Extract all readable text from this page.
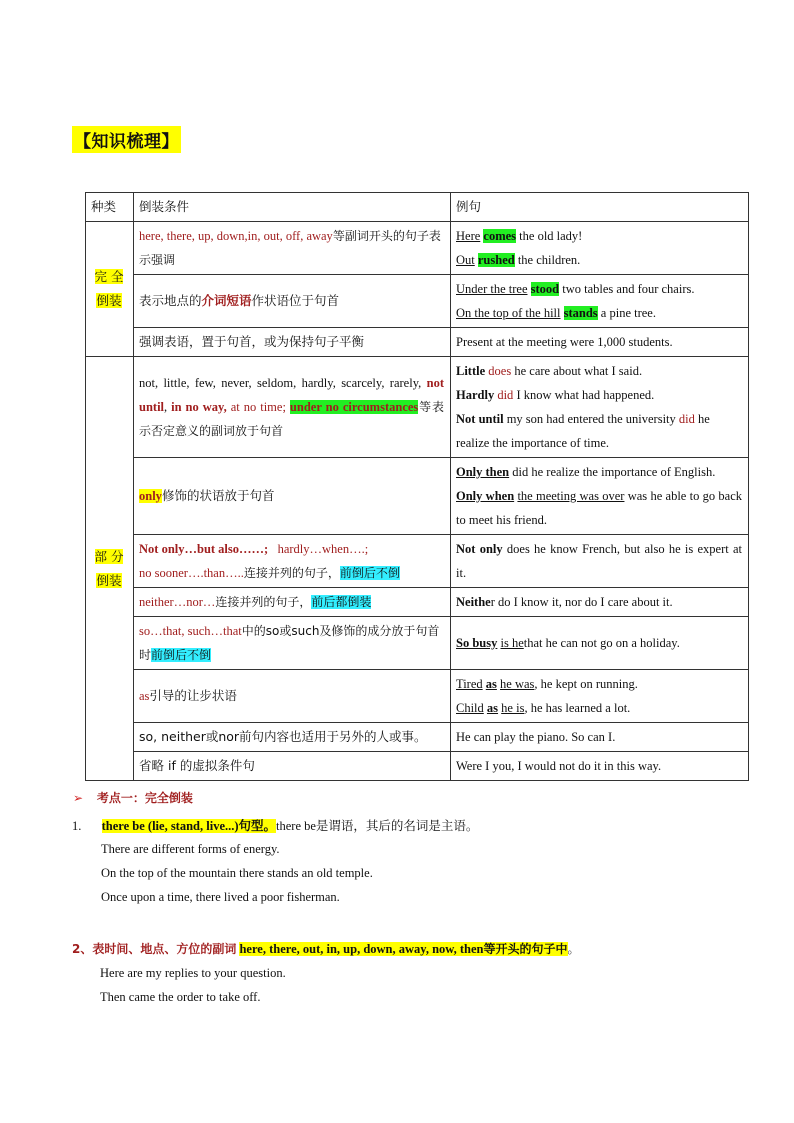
【知识梳理】
种类	倒装条件	例句
完 全
倒装	here, there, up, down,in, out, off, away等副词开头的句子表示强调	Here comes the old lady!
Out rushed the children.
	表示地点的介词短语作状语位于句首	Under the tree stood two tables and four chairs.
On the top of the hill stands a pine tree.
	强调表语，置于句首，或为保持句子平衡	Present at the meeting were 1,000 students.
部 分
倒装	not, little, few, never, seldom, hardly, scarcely, rarely, not until, in no way, at no time; under no circumstances等表示否定意义的副词放于句首	Little does he care about what I said.
Hardly did I know what had happened.
Not until my son had entered the university did he realize the importance of time.
	only修饰的状语放于句首	Only then did he realize the importance of English.
Only when the meeting was over was he able to go back to meet his friend.
	Not only…but also……; hardly…when….;
no sooner….than…..连接并列的句子，前倒后不倒	Not only does he know French, but also he is expert at it.
	neither…nor…连接并列的句子，前后都倒装	Neither do I know it, nor do I care about it.
	so…that, such…that中的so或such及修饰的成分放于句首时前倒后不倒	So busy is hethat he can not go on a holiday.
	as引导的让步状语	Tired as he was, he kept on running.
Child as he is, he has learned a lot.
	so, neither或nor前句内容也适用于另外的人或事。	He can play the piano. So can I.
	省略 if 的虚拟条件句	Were I you, I would not do it in this way.
➢ 考点一：完全倒装
1. there be (lie, stand, live...)句型。there be是谓语，其后的名词是主语。
There are different forms of energy.
On the top of the mountain there stands an old temple.
Once upon a time, there lived a poor fisherman.
2、表时间、地点、方位的副词 here, there, out, in, up, down, away, now, then等开头的句子中。
Here are my replies to your question.
Then came the order to take off.
